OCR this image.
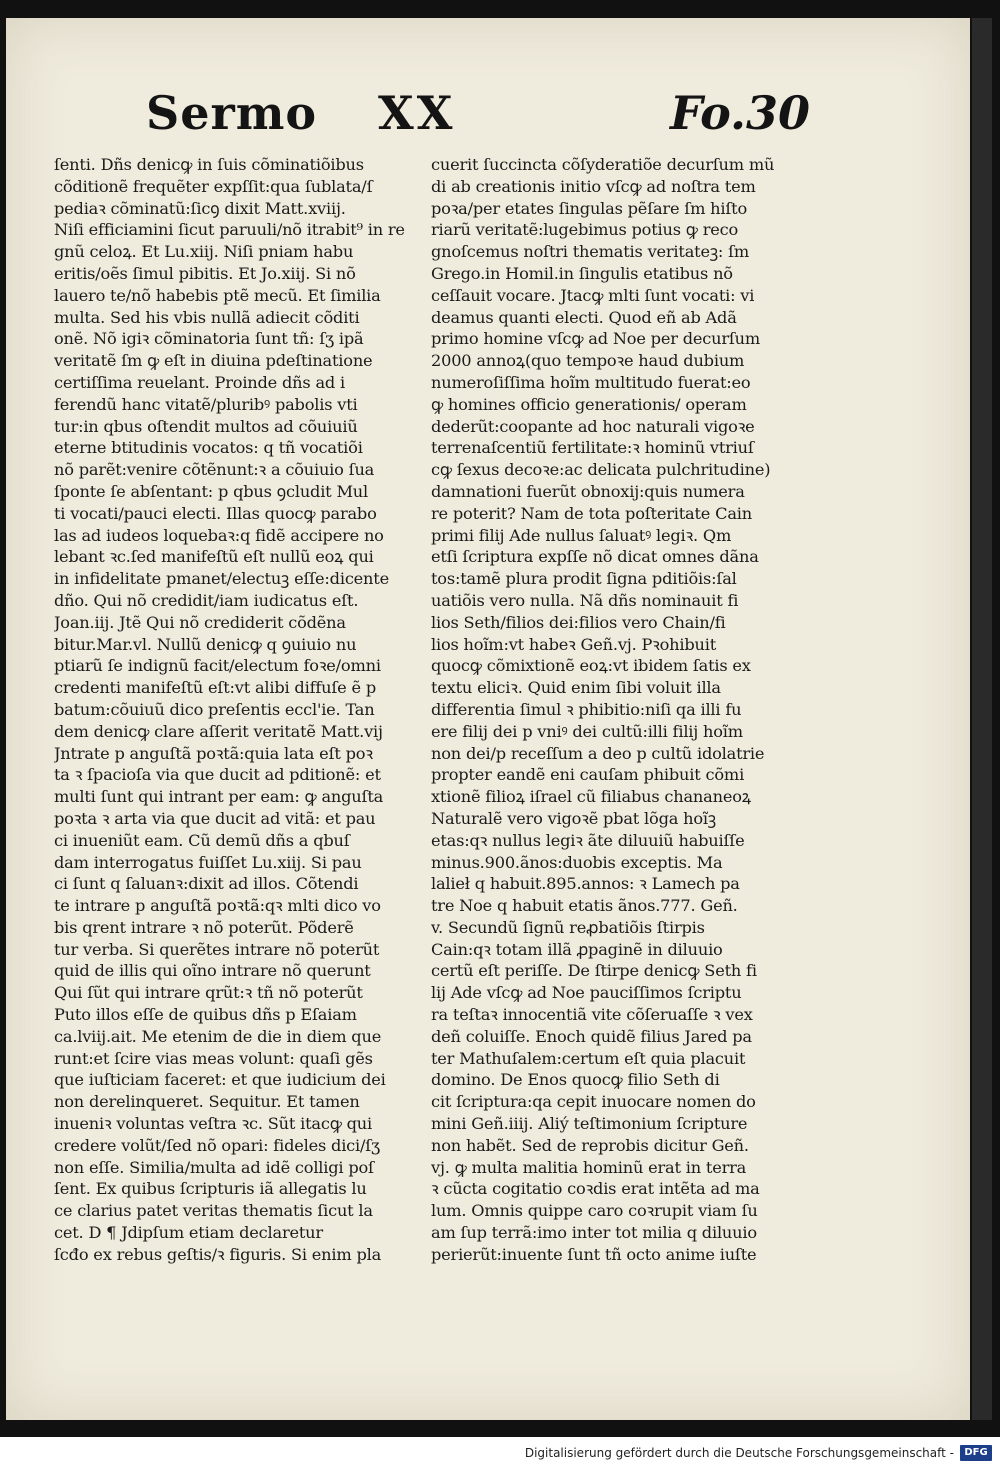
Sermo XX	Fo.30
ſenti. Dñs denicꝙ in ſuis cõminatiõibus
cõditionẽ frequẽter expſſit:qua ſublata/ſ
pediaꝛ cõminatũ:ſicꝯ dixit Matt.xviij.
Niſi efficiamini ſicut paruuli/nõ itrabit⁹ in re
gnũ celoꝝ. Et Lu.xiij. Niſi pniam habu
eritis/oẽs ſimul pibitis. Et Jo.xiij. Si nõ
lauero te/nõ habebis ptẽ mecũ. Et ſimilia
multa. Sed his vbis nullã adiecit cõditi
onẽ. Nõ igiꝛ cõminatoria ſunt tñ: ſʒ ipã
veritatẽ ſm ꝙ eſt in diuina pdeſtinatione
certiſſima reuelant. Proinde dñs ad i
ferendũ hanc vitatẽ/pluribꝰ pabolis vti
tur:in qbus oſtendit multos ad cõuiuiũ
eterne btitudinis vocatos: q tñ vocatiõi
nõ parẽt:venire cõtẽnunt:ꝛ a cõuiuio ſua
ſponte ſe abſentant: p qbus ꝯcludit Mul
ti vocati/pauci electi. Illas quocꝙ parabo
las ad iudeos loquebaꝛ:q fidẽ accipere no
lebant ꝛc.ſed manifeſtũ eſt nullũ eoꝝ qui
in infidelitate pmanet/electuꝫ eſſe:dicente
dño. Qui nõ credidit/iam iudicatus eſt.
Joan.iij. Jtẽ Qui nõ crediderit cõdẽna
bitur.Mar.vl. Nullũ denicꝙ q ꝯuiuio nu
ptiarũ ſe indignũ facit/electum foꝛe/omni
credenti manifeſtũ eſt:vt alibi diffuſe ẽ p
batum:cõuiuũ dico preſentis eccl'ie. Tan
dem denicꝙ clare aſſerit veritatẽ Matt.vij
Jntrate p anguſtã poꝛtã:quia lata eſt poꝛ
ta ꝛ ſpacioſa via que ducit ad pditionẽ: et
multi ſunt qui intrant per eam: ꝙ anguſta
poꝛta ꝛ arta via que ducit ad vitã: et pau
ci inueniũt eam. Cũ demũ dñs a qbuſ
dam interrogatus fuiſſet Lu.xiij. Si pau
ci ſunt q ſaluanꝛ:dixit ad illos. Cõtendi
te intrare p anguſtã poꝛtã:qꝛ mlti dico vo
bis qrent intrare ꝛ nõ poterũt. Põderẽ
tur verba. Si querẽtes intrare nõ poterũt
quid de illis qui oĩno intrare nõ querunt
Qui ſũt qui intrare qrũt:ꝛ tñ nõ poterũt
Puto illos eſſe de quibus dñs p Eſaiam
ca.lviij.ait. Me etenim de die in diem que
runt:et ſcire vias meas volunt: quaſi gẽs
que iuſticiam faceret: et que iudicium dei
non derelinqueret. Sequitur. Et tamen
inueniꝛ voluntas veſtra ꝛc. Sũt itacꝙ qui
credere volũt/ſed nõ opari: fideles dici/ſʒ
non eſſe. Similia/multa ad idẽ colligi poſ
ſent. Ex quibus ſcripturis iã allegatis lu
ce clarius patet veritas thematis ſicut la
cet. D ¶ Jdipſum etiam declaretur
ſcđo ex rebus geſtis/ꝛ figuris. Si enim pla
cuerit ſuccincta cõſyderatiõe decurſum mũ
di ab creationis initio vſcꝙ ad noſtra tem
poꝛa/per etates ſingulas pẽſare ſm hiſto
riarũ veritatẽ:lugebimus potius ꝙ reco
gnoſcemus noſtri thematis veritateꝫ: ſm
Grego.in Homil.in ſingulis etatibus nõ
ceſſauit vocare. Jtacꝙ mlti ſunt vocati: vi
deamus quanti electi. Quod eñ ab Adã
primo homine vſcꝙ ad Noe per decurſum
2000 annoꝝ(quo tempoꝛe haud dubium
numeroſiſſima hoĩm multitudo fuerat:eo
ꝙ homines officio generationis/ operam
dederũt:coopante ad hoc naturali vigoꝛe
terrenaſcentiũ fertilitate:ꝛ hominũ vtriuſ
cꝙ ſexus decoꝛe:ac delicata pulchritudine)
damnationi fuerũt obnoxij:quis numera
re poterit? Nam de tota poſteritate Cain
primi filij Ade nullus ſaluatꝰ legiꝛ. Qm
etſi ſcriptura expſſe nõ dicat omnes dãna
tos:tamẽ plura prodit ſigna pditiõis:ſal
uatiõis vero nulla. Nã dñs nominauit fi
lios Seth/filios dei:filios vero Chain/fi
lios hoĩm:vt habeꝛ Geñ.vj. Pꝛohibuit
quocꝙ cõmixtionẽ eoꝝ:vt ibidem ſatis ex
textu eliciꝛ. Quid enim ſibi voluit illa
differentia ſimul ꝛ phibitio:niſi qa illi fu
ere filij dei p vniꝰ dei cultũ:illi filij hoĩm
non dei/p receſſum a deo p cultũ idolatrie
propter eandẽ eni cauſam phibuit cõmi
xtionẽ filioꝝ iſrael cũ filiabus chananeoꝝ
Naturalẽ vero vigoꝛẽ pbat lõga hoĩꝫ
etas:qꝛ nullus legiꝛ ãte diluuiũ habuiſſe
minus.900.ãnos:duobis exceptis. Ma
lalieł q habuit.895.annos: ꝛ Lamech pa
tre Noe q habuit etatis ãnos.777. Geñ.
v. Secundũ ſignũ reꝓbatiõis ſtirpis
Cain:qꝛ totam illã ꝓpaginẽ in diluuio
certũ eſt periſſe. De ſtirpe denicꝙ Seth fi
lij Ade vſcꝙ ad Noe pauciſſimos ſcriptu
ra teſtaꝛ innocentiã vite cõſeruaſſe ꝛ vex
deñ coluiſſe. Enoch quidẽ filius Jared pa
ter Mathuſalem:certum eſt quia placuit
domino. De Enos quocꝙ filio Seth di
cit ſcriptura:qa cepit inuocare nomen do
mini Geñ.iiij. Aliý teſtimonium ſcripture
non habẽt. Sed de reprobis dicitur Geñ.
vj. ꝙ multa malitia hominũ erat in terra
ꝛ cũcta cogitatio coꝛdis erat intẽta ad ma
lum. Omnis quippe caro coꝛrupit viam ſu
am ſup terrã:imo inter tot milia q diluuio
perierũt:inuente ſunt tñ octo anime iuſte
Digitalisierung gefördert durch die Deutsche Forschungsgemeinschaft -	DFG
